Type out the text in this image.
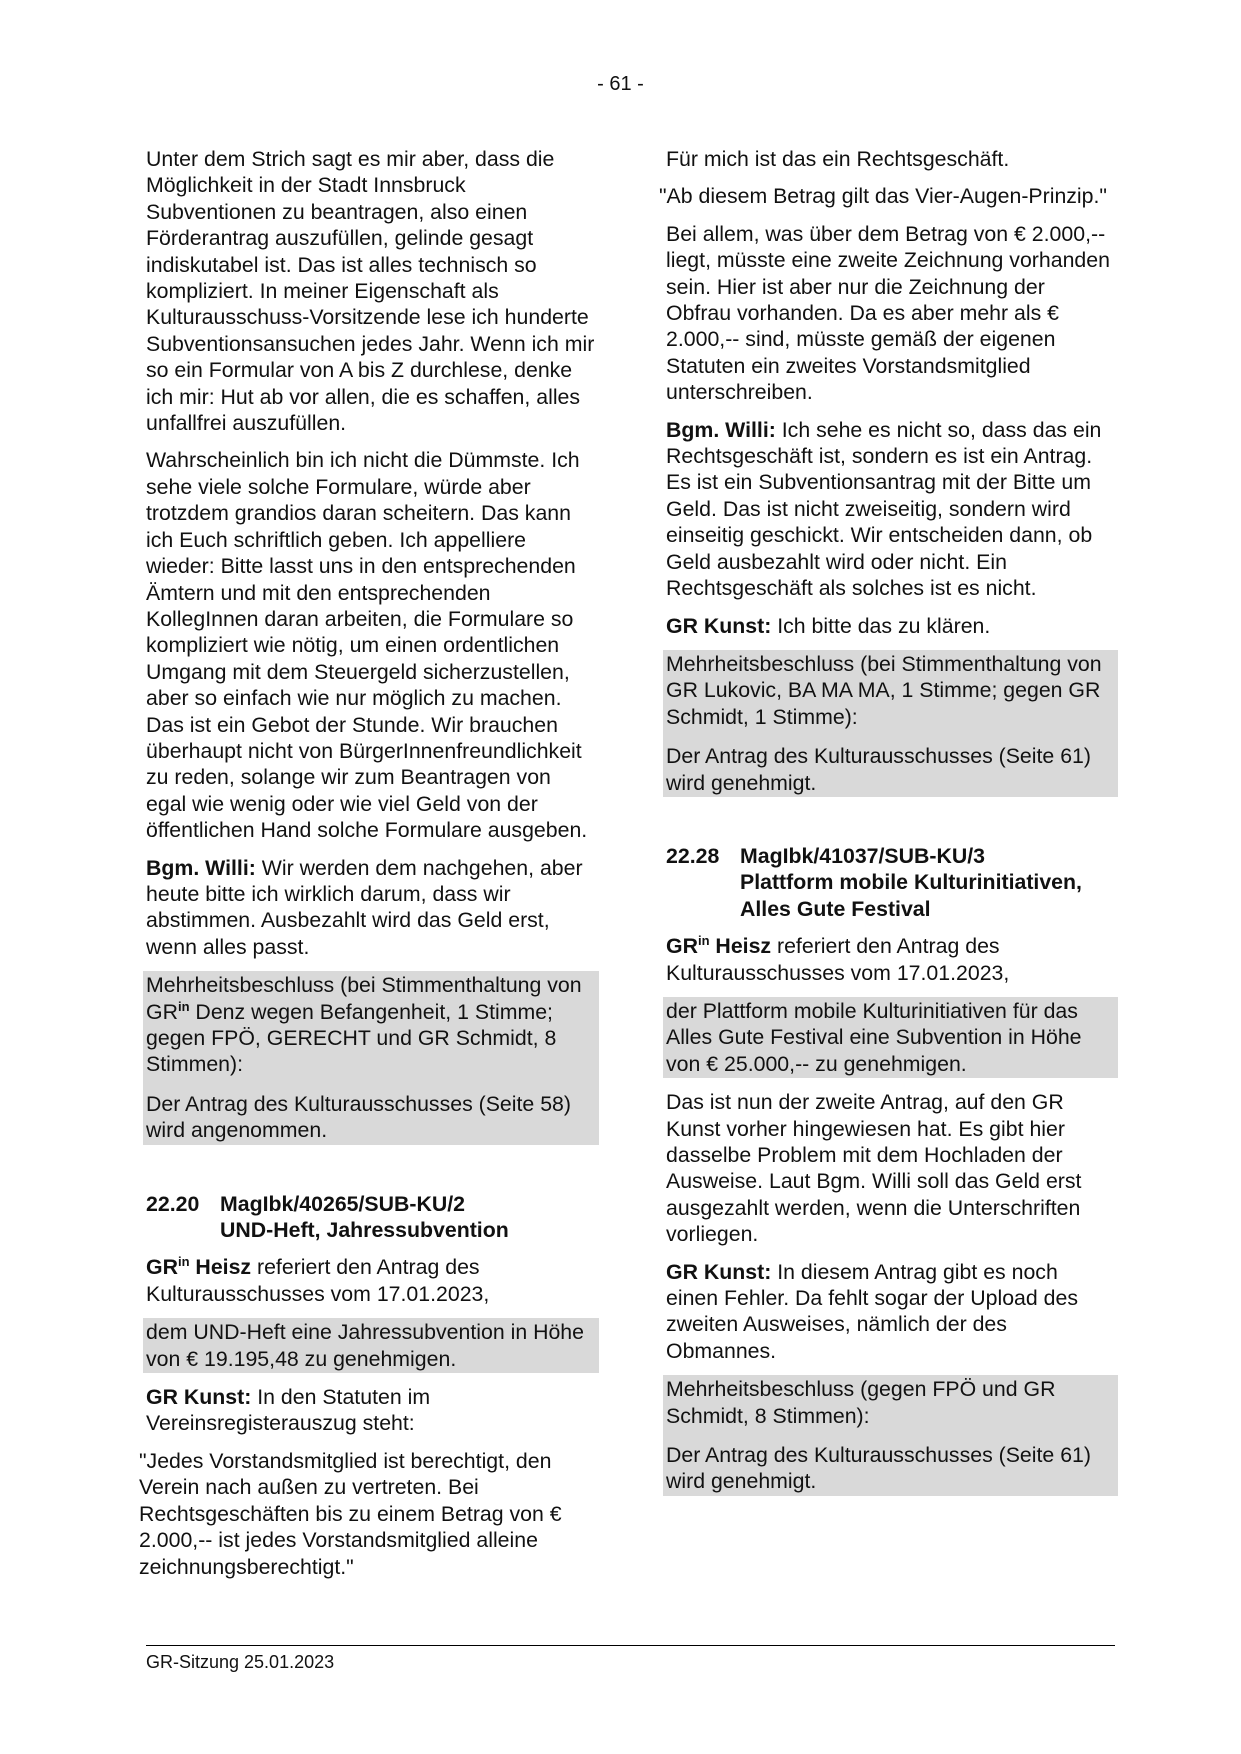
- 61 -

Unter dem Strich sagt es mir aber, dass die Möglichkeit in der Stadt Innsbruck Subventionen zu beantragen, also einen Förderantrag auszufüllen, gelinde gesagt indiskutabel ist. Das ist alles technisch so kompliziert. In meiner Eigenschaft als Kulturausschuss-Vorsitzende lese ich hunderte Subventionsansuchen jedes Jahr. Wenn ich mir so ein Formular von A bis Z durchlese, denke ich mir: Hut ab vor allen, die es schaffen, alles unfallfrei auszufüllen.

Wahrscheinlich bin ich nicht die Dümmste. Ich sehe viele solche Formulare, würde aber trotzdem grandios daran scheitern. Das kann ich Euch schriftlich geben. Ich appelliere wieder: Bitte lasst uns in den entsprechenden Ämtern und mit den entsprechenden KollegInnen daran arbeiten, die Formulare so kompliziert wie nötig, um einen ordentlichen Umgang mit dem Steuergeld sicherzustellen, aber so einfach wie nur möglich zu machen. Das ist ein Gebot der Stunde. Wir brauchen überhaupt nicht von BürgerInnenfreundlichkeit zu reden, solange wir zum Beantragen von egal wie wenig oder wie viel Geld von der öffentlichen Hand solche Formulare ausgeben.

Bgm. Willi: Wir werden dem nachgehen, aber heute bitte ich wirklich darum, dass wir abstimmen. Ausbezahlt wird das Geld erst, wenn alles passt.

Mehrheitsbeschluss (bei Stimmenthaltung von $GR^{in}$ Denz wegen Befangenheit, 1 Stimme; gegen FPÖ, GERECHT und GR Schmidt, 8 Stimmen):

Der Antrag des Kulturausschusses (Seite 58) wird angenommen.

22.20 MagIbk/40265/SUB-KU/2

UND-Heft, Jahressubvention

$GR^{in}$ Heisz referiert den Antrag des Kulturausschusses vom 17.01.2023,

dem UND-Heft eine Jahressubvention in Höhe von € 19.195,48 zu genehmigen.

GR Kunst: In den Statuten im Vereinsregisterauszug steht:

"Jedes Vorstandsmitglied ist berechtigt, den Verein nach außen zu vertreten. Bei Rechtsgeschäften bis zu einem Betrag von € 2.000,-- ist jedes Vorstandsmitglied alleine zeichnungsberechtigt."

Für mich ist das ein Rechtsgeschäft.

"Ab diesem Betrag gilt das Vier-Augen-Prinzip."

Bei allem, was über dem Betrag von € 2.000,-- liegt, müsste eine zweite Zeichnung vorhanden sein. Hier ist aber nur die Zeichnung der Obfrau vorhanden. Da es aber mehr als € 2.000,-- sind, müsste gemäß der eigenen Statuten ein zweites Vorstandsmitglied unterschreiben.

Bgm. Willi: Ich sehe es nicht so, dass das ein Rechtsgeschäft ist, sondern es ist ein Antrag. Es ist ein Subventionsantrag mit der Bitte um Geld. Das ist nicht zweiseitig, sondern wird einseitig geschickt. Wir entscheiden dann, ob Geld ausbezahlt wird oder nicht. Ein Rechtsgeschäft als solches ist es nicht.

GR Kunst: Ich bitte das zu klären.

Mehrheitsbeschluss (bei Stimmenthaltung von GR Lukovic, BA MA MA, 1 Stimme; gegen GR Schmidt, 1 Stimme):

Der Antrag des Kulturausschusses (Seite 61) wird genehmigt.

22.28 MagIbk/41037/SUB-KU/3

Plattform mobile Kulturinitiativen, Alles Gute Festival

$GR^{in}$ Heisz referiert den Antrag des Kulturausschusses vom 17.01.2023,

der Plattform mobile Kulturinitiativen für das Alles Gute Festival eine Subvention in Höhe von € 25.000,-- zu genehmigen.

Das ist nun der zweite Antrag, auf den GR Kunst vorher hingewiesen hat. Es gibt hier dasselbe Problem mit dem Hochladen der Ausweise. Laut Bgm. Willi soll das Geld erst ausgezahlt werden, wenn die Unterschriften vorliegen.

GR Kunst: In diesem Antrag gibt es noch einen Fehler. Da fehlt sogar der Upload des zweiten Ausweises, nämlich der des Obmannes.

Mehrheitsbeschluss (gegen FPÖ und GR Schmidt, 8 Stimmen):

Der Antrag des Kulturausschusses (Seite 61) wird genehmigt.

GR-Sitzung 25.01.2023
